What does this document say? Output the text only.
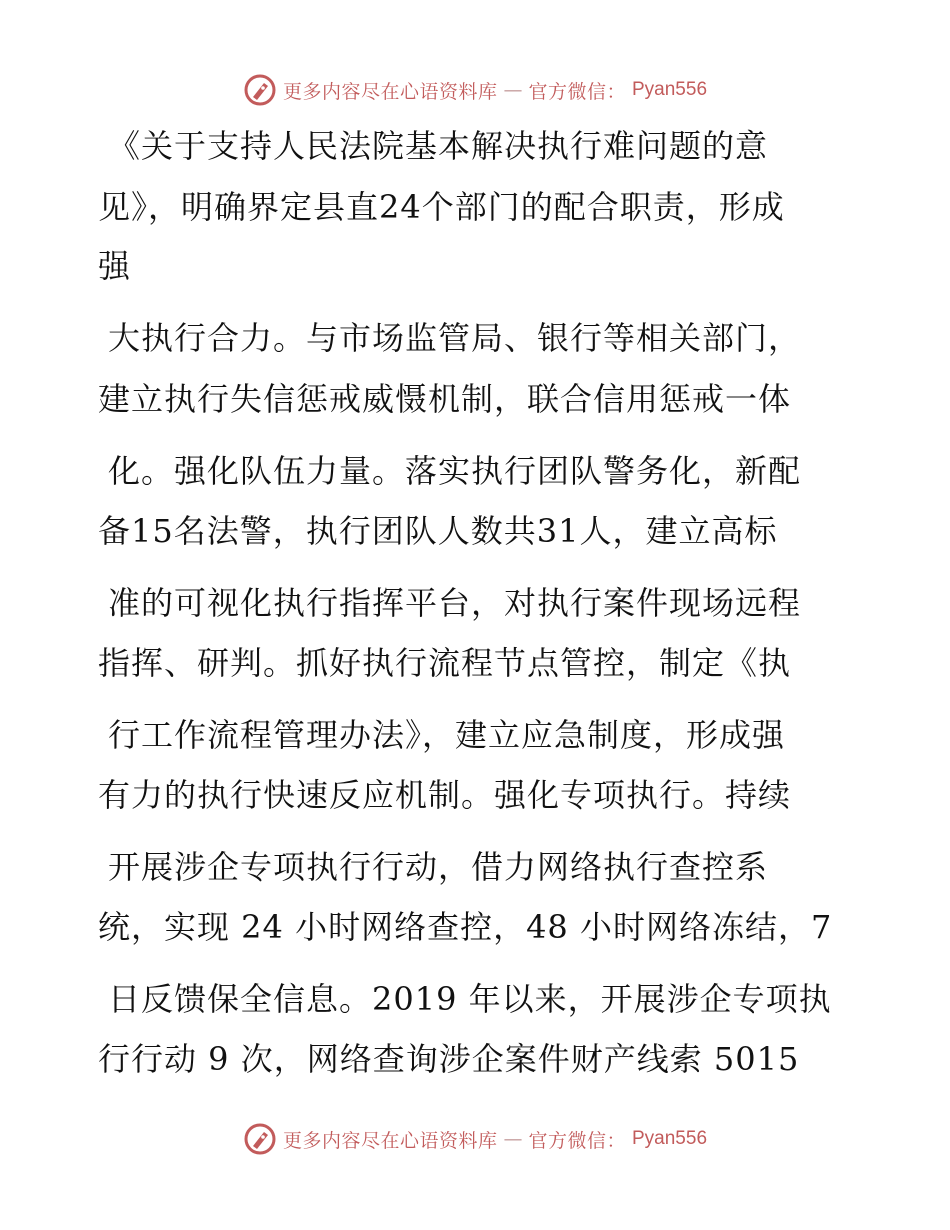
更多内容尽在心语资料库 — 官方微信： Pyan556
《关于支持人民法院基本解决执行难问题的意
见》，明确界定县直24个部门的配合职责，形成
强
大执行合力。与市场监管局、银行等相关部门，
建立执行失信惩戒威慑机制，联合信用惩戒一体
化。强化队伍力量。落实执行团队警务化，新配
备15名法警，执行团队人数共31人，建立高标
准的可视化执行指挥平台，对执行案件现场远程
指挥、研判。抓好执行流程节点管控，制定《执
行工作流程管理办法》，建立应急制度，形成强
有力的执行快速反应机制。强化专项执行。持续
开展涉企专项执行行动，借力网络执行查控系
统，实现 24 小时网络查控，48 小时网络冻结，7
日反馈保全信息。2019 年以来，开展涉企专项执
行行动 9 次，网络查询涉企案件财产线索 5015
更多内容尽在心语资料库 — 官方微信： Pyan556
